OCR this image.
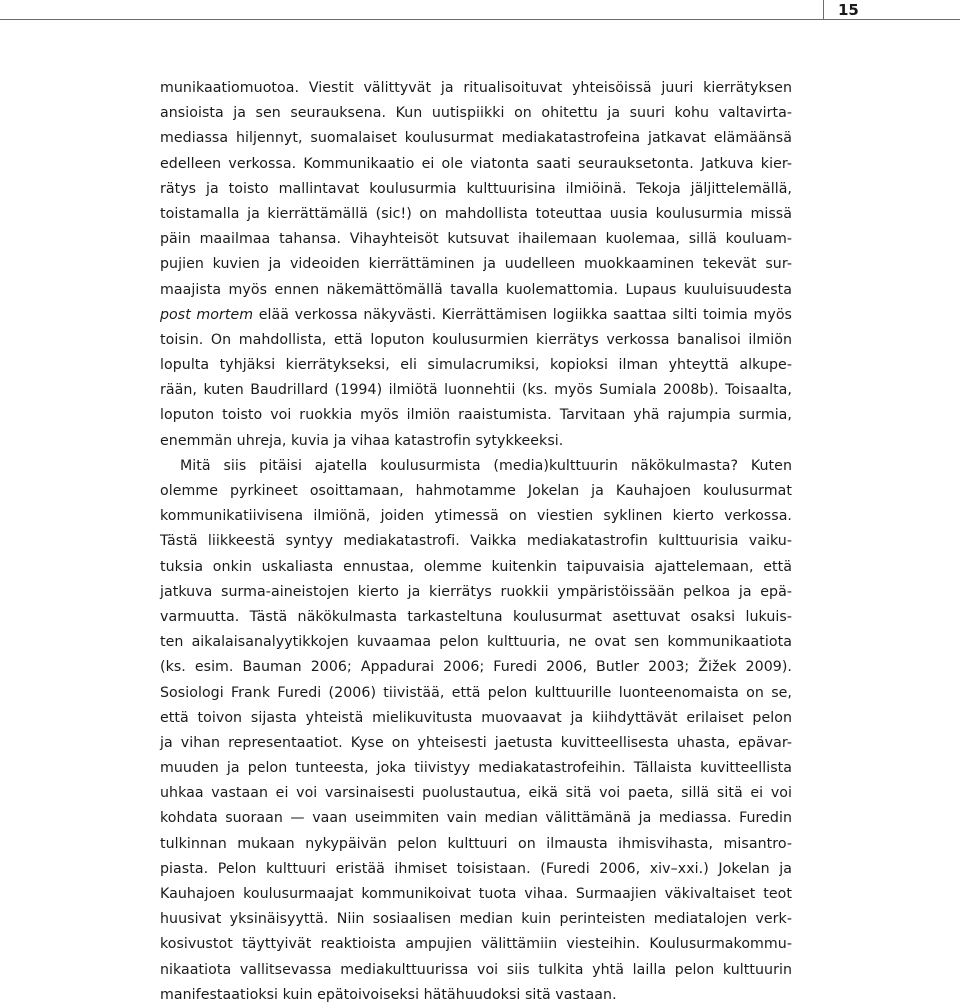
15
munikaatiomuotoa. Viestit välittyvät ja ritualisoituvat yhteisöissä juuri kierrätyksen
ansioista ja sen seurauksena. Kun uutispiikki on ohitettu ja suuri kohu valtavirta-
mediassa hiljennyt, suomalaiset koulusurmat mediakatastrofeina jatkavat elämäänsä
edelleen verkossa. Kommunikaatio ei ole viatonta saati seurauksetonta. Jatkuva kier-
rätys ja toisto mallintavat koulusurmia kulttuurisina ilmiöinä. Tekoja jäljittelemällä,
toistamalla ja kierrättämällä (sic!) on mahdollista toteuttaa uusia koulusurmia missä
päin maailmaa tahansa. Vihayhteisöt kutsuvat ihailemaan kuolemaa, sillä kouluam-
pujien kuvien ja videoiden kierrättäminen ja uudelleen muokkaaminen tekevät sur-
maajista myös ennen näkemättömällä tavalla kuolemattomia. Lupaus kuuluisuudesta
post mortem elää verkossa näkyvästi. Kierrättämisen logiikka saattaa silti toimia myös
toisin. On mahdollista, että loputon koulusurmien kierrätys verkossa banalisoi ilmiön
lopulta tyhjäksi kierrätykseksi, eli simulacrumiksi, kopioksi ilman yhteyttä alkupe-
rään, kuten Baudrillard (1994) ilmiötä luonnehtii (ks. myös Sumiala 2008b). Toisaalta,
loputon toisto voi ruokkia myös ilmiön raaistumista. Tarvitaan yhä rajumpia surmia,
enemmän uhreja, kuvia ja vihaa katastrofin sytykkeeksi.
Mitä siis pitäisi ajatella koulusurmista (media)kulttuurin näkökulmasta? Kuten
olemme pyrkineet osoittamaan, hahmotamme Jokelan ja Kauhajoen koulusurmat
kommunikatiivisena ilmiönä, joiden ytimessä on viestien syklinen kierto verkossa.
Tästä liikkeestä syntyy mediakatastrofi. Vaikka mediakatastrofin kulttuurisia vaiku-
tuksia onkin uskaliasta ennustaa, olemme kuitenkin taipuvaisia ajattelemaan, että
jatkuva surma-aineistojen kierto ja kierrätys ruokkii ympäristöissään pelkoa ja epä-
varmuutta. Tästä näkökulmasta tarkasteltuna koulusurmat asettuvat osaksi lukuis-
ten aikalaisanalyytikkojen kuvaamaa pelon kulttuuria, ne ovat sen kommunikaatiota
(ks. esim. Bauman 2006; Appadurai 2006; Furedi 2006, Butler 2003; Žižek 2009).
Sosiologi Frank Furedi (2006) tiivistää, että pelon kulttuurille luonteenomaista on se,
että toivon sijasta yhteistä mielikuvitusta muovaavat ja kiihdyttävät erilaiset pelon
ja vihan representaatiot. Kyse on yhteisesti jaetusta kuvitteellisesta uhasta, epävar-
muuden ja pelon tunteesta, joka tiivistyy mediakatastrofeihin. Tällaista kuvitteellista
uhkaa vastaan ei voi varsinaisesti puolustautua, eikä sitä voi paeta, sillä sitä ei voi
kohdata suoraan — vaan useimmiten vain median välittämänä ja mediassa. Furedin
tulkinnan mukaan nykypäivän pelon kulttuuri on ilmausta ihmisvihasta, misantro-
piasta. Pelon kulttuuri eristää ihmiset toisistaan. (Furedi 2006, xiv–xxi.) Jokelan ja
Kauhajoen koulusurmaajat kommunikoivat tuota vihaa. Surmaajien väkivaltaiset teot
huusivat yksinäisyyttä. Niin sosiaalisen median kuin perinteisten mediatalojen verk-
kosivustot täyttyivät reaktioista ampujien välittämiin viesteihin. Koulusurmakommu-
nikaatiota vallitsevassa mediakulttuurissa voi siis tulkita yhtä lailla pelon kulttuurin
manifestaatioksi kuin epätoivoiseksi hätähuudoksi sitä vastaan.
